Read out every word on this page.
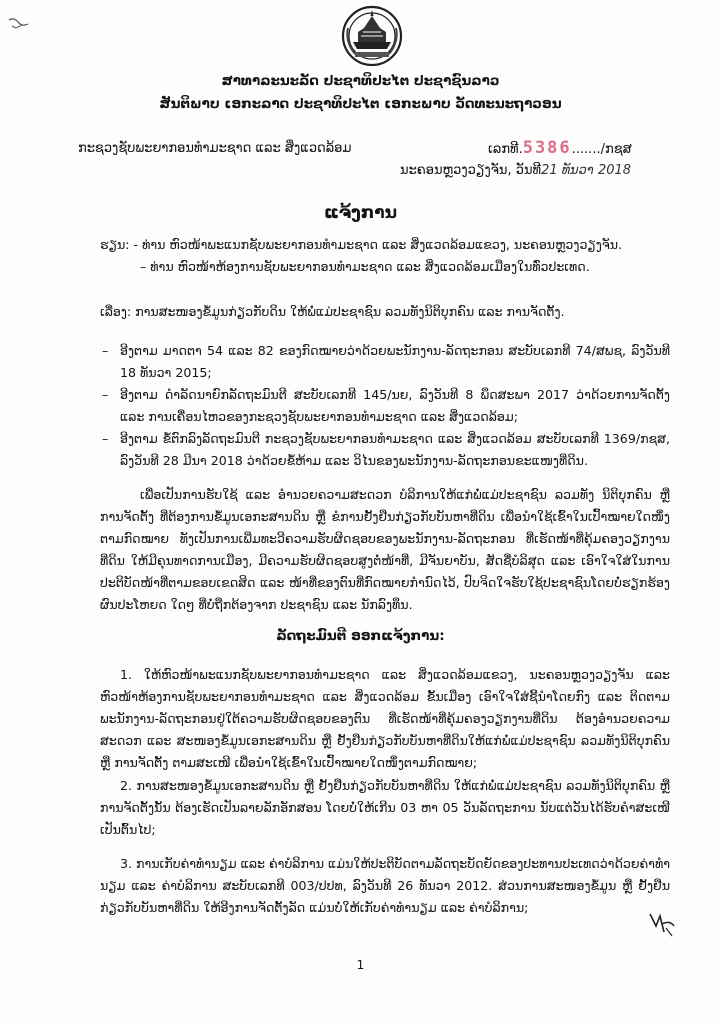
ສາທາລະນະລັດ ປະຊາທິປະໄຕ ປະຊາຊົນລາວ
ສັນຕິພາບ ເອກະລາດ ປະຊາທິປະໄຕ ເອກະພາບ ວັດທະນະຖາວອນ
ກະຊວງຊັບພະຍາກອນທໍາມະຊາດ ແລະ ສິ່ງແວດລ້ອມ	ເລກທີ.5386......./ກຊສ
ນະຄອນຫຼວງວຽງຈັນ, ວັນທີ21 ທັນວາ 2018
ແຈ້ງການ
ຮຽນ: - ທ່ານ ຫົວໜ້າພະແນກຊັບພະຍາກອນທໍາມະຊາດ ແລະ ສິ່ງແວດລ້ອມແຂວງ, ນະຄອນຫຼວງວຽງຈັນ.
– ທ່ານ ຫົວໜ້າຫ້ອງການຊັບພະຍາກອນທໍາມະຊາດ ແລະ ສິ່ງແວດລ້ອມເມືອງໃນທົ່ວປະເທດ.
ເລື່ອງ: ການສະໜອງຂໍ້ມູນກ່ຽວກັບດິນ ໃຫ້ພໍ່ແມ່ປະຊາຊົນ ລວມທັງນິຕິບຸກຄົນ ແລະ ການຈັດຕັ້ງ.
– ອີງຕາມ ມາດຕາ 54 ແລະ 82 ຂອງກົດໝາຍວ່າດ້ວຍພະນັກງານ-ລັດຖະກອນ ສະບັບເລກທີ 74/ສພຊ, ລົງວັນທີ 18 ທັນວາ 2015;
– ອີງຕາມ ດໍາລັດນາຍົກລັດຖະມົນຕີ ສະບັບເລກທີ 145/ນຍ, ລົງວັນທີ 8 ພຶດສະພາ 2017 ວ່າດ້ວຍການຈັດຕັ້ງ ແລະ ການເຄື່ອນໄຫວຂອງກະຊວງຊັບພະຍາກອນທໍາມະຊາດ ແລະ ສິ່ງແວດລ້ອມ;
– ອີງຕາມ ຂໍ້ຕົກລົງລັດຖະມົນຕີ ກະຊວງຊັບພະຍາກອນທໍາມະຊາດ ແລະ ສິ່ງແວດລ້ອມ ສະບັບເລກທີ 1369/ກຊສ, ລົງວັນທີ 28 ມີນາ 2018 ວ່າດ້ວຍຂໍ້ຫ້າມ ແລະ ວິໄນຂອງພະນັກງານ-ລັດຖະກອນຂະແໜງທີ່ດິນ.
ເພື່ອເປັນການຮັບໃຊ້ ແລະ ອໍານວຍຄວາມສະດວກ ບໍລິການໃຫ້ແກ່ພໍ່ແມ່ປະຊາຊົນ ລວມທັງ ນິຕິບຸກຄົນ ຫຼື ການຈັດຕັ້ງ ທີ່ຕ້ອງການຂໍ້ມູນເອກະສານດິນ ຫຼື ຂໍການຢັ້ງຢືນກ່ຽວກັບບັນຫາທີ່ດິນ ເພື່ອນໍາໃຊ້ເຂົ້າໃນເປົ້າໝາຍໃດໜຶ່ງຕາມກົດໝາຍ ທັງເປັນການເພີ່ມທະວີຄວາມຮັບຜິດຊອບຂອງພະນັກງານ-ລັດຖະກອນ ທີ່ເຮັດໜ້າທີ່ຄຸ້ມຄອງວຽກງານທີ່ດິນ ໃຫ້ມີຄຸນທາດການເມືອງ, ມີຄວາມຮັບຜິດຊອບສູງຕໍ່ໜ້າທີ່, ມີຈັນຍາບັນ, ສັດຊື່ບໍລິສຸດ ແລະ ເອົາໃຈໃສ່ໃນການປະຕິບັດໜ້າທີ່ຕາມຂອບເຂດສິດ ແລະ ໜ້າທີ່ຂອງຕົນທີ່ກົດໝາຍກໍານົດໄວ້, ປົບຈິດໃຈຮັບໃຊ້ປະຊາຊົນໂດຍບໍ່ຮຽກຮ້ອງຜົນປະໂຫຍດ ໃດໆ ທີ່ບໍ່ຖືກຕ້ອງຈາກ ປະຊາຊົນ ແລະ ນັກລົງທຶນ.
ລັດຖະມົນຕີ ອອກແຈ້ງການ:
1. ໃຫ້ຫົວໜ້າພະແນກຊັບພະຍາກອນທໍາມະຊາດ ແລະ ສິ່ງແວດລ້ອມແຂວງ, ນະຄອນຫຼວງວຽງຈັນ ແລະ ຫົວໜ້າຫ້ອງການຊັບພະຍາກອນທໍາມະຊາດ ແລະ ສິ່ງແວດລ້ອມ ຂັ້ນເມືອງ ເອົາໃຈໃສ່ຊີ້ນໍາໂດຍກົງ ແລະ ຕິດຕາມພະນັກງານ-ລັດຖະກອນຢູ່ໃຕ້ຄວາມຮັບຜິດຊອບຂອງຕົນ ທີ່ເຮັດໜ້າທີ່ຄຸ້ມຄອງວຽກງານທີ່ດິນ ຕ້ອງອໍານວຍຄວາມສະດວກ ແລະ ສະໜອງຂໍ້ມູນເອກະສານດິນ ຫຼື ຢັ້ງຢືນກ່ຽວກັບບັນຫາທີ່ດິນໃຫ້ແກ່ພໍ່ແມ່ປະຊາຊົນ ລວມທັງນິຕິບຸກຄົນ ຫຼື ການຈັດຕັ້ງ ຕາມສະເໜີ ເພື່ອນໍາໃຊ້ເຂົ້າໃນເປົ້າໝາຍໃດໜຶ່ງຕາມກົດໝາຍ;
2. ການສະໜອງຂໍ້ມູນເອກະສານດິນ ຫຼື ຢັ້ງຢືນກ່ຽວກັບບັນຫາທີ່ດິນ ໃຫ້ແກ່ພໍ່ແມ່ປະຊາຊົນ ລວມທັງນິຕິບຸກຄົນ ຫຼື ການຈັດຕັ້ງນັ້ນ ຕ້ອງເຮັດເປັນລາຍລັກອັກສອນ ໂດຍບໍ່ໃຫ້ເກີນ 03 ຫາ 05 ວັນລັດຖະການ ນັບແຕ່ວັນໄດ້ຮັບຄໍາສະເໜີເປັນຕົ້ນໄປ;
3. ການເກັບຄ່າທໍານຽມ ແລະ ຄ່າບໍລິການ ແມ່ນໃຫ້ປະຕິບັດຕາມລັດຖະບັດຍັດຂອງປະທານປະເທດວ່າດ້ວຍຄ່າທໍານຽມ ແລະ ຄ່າບໍລິການ ສະບັບເລກທີ 003/ປປທ, ລົງວັນທີ 26 ທັນວາ 2012. ສ່ວນການສະໜອງຂໍ້ມູນ ຫຼື ຢັ້ງຢືນກ່ຽວກັບບັນຫາທີ່ດິນ ໃຫ້ອີງການຈັດຕັ້ງລັດ ແມ່ນບໍ່ໃຫ້ເກັບຄ່າທໍານຽມ ແລະ ຄ່າບໍລິການ;
1
